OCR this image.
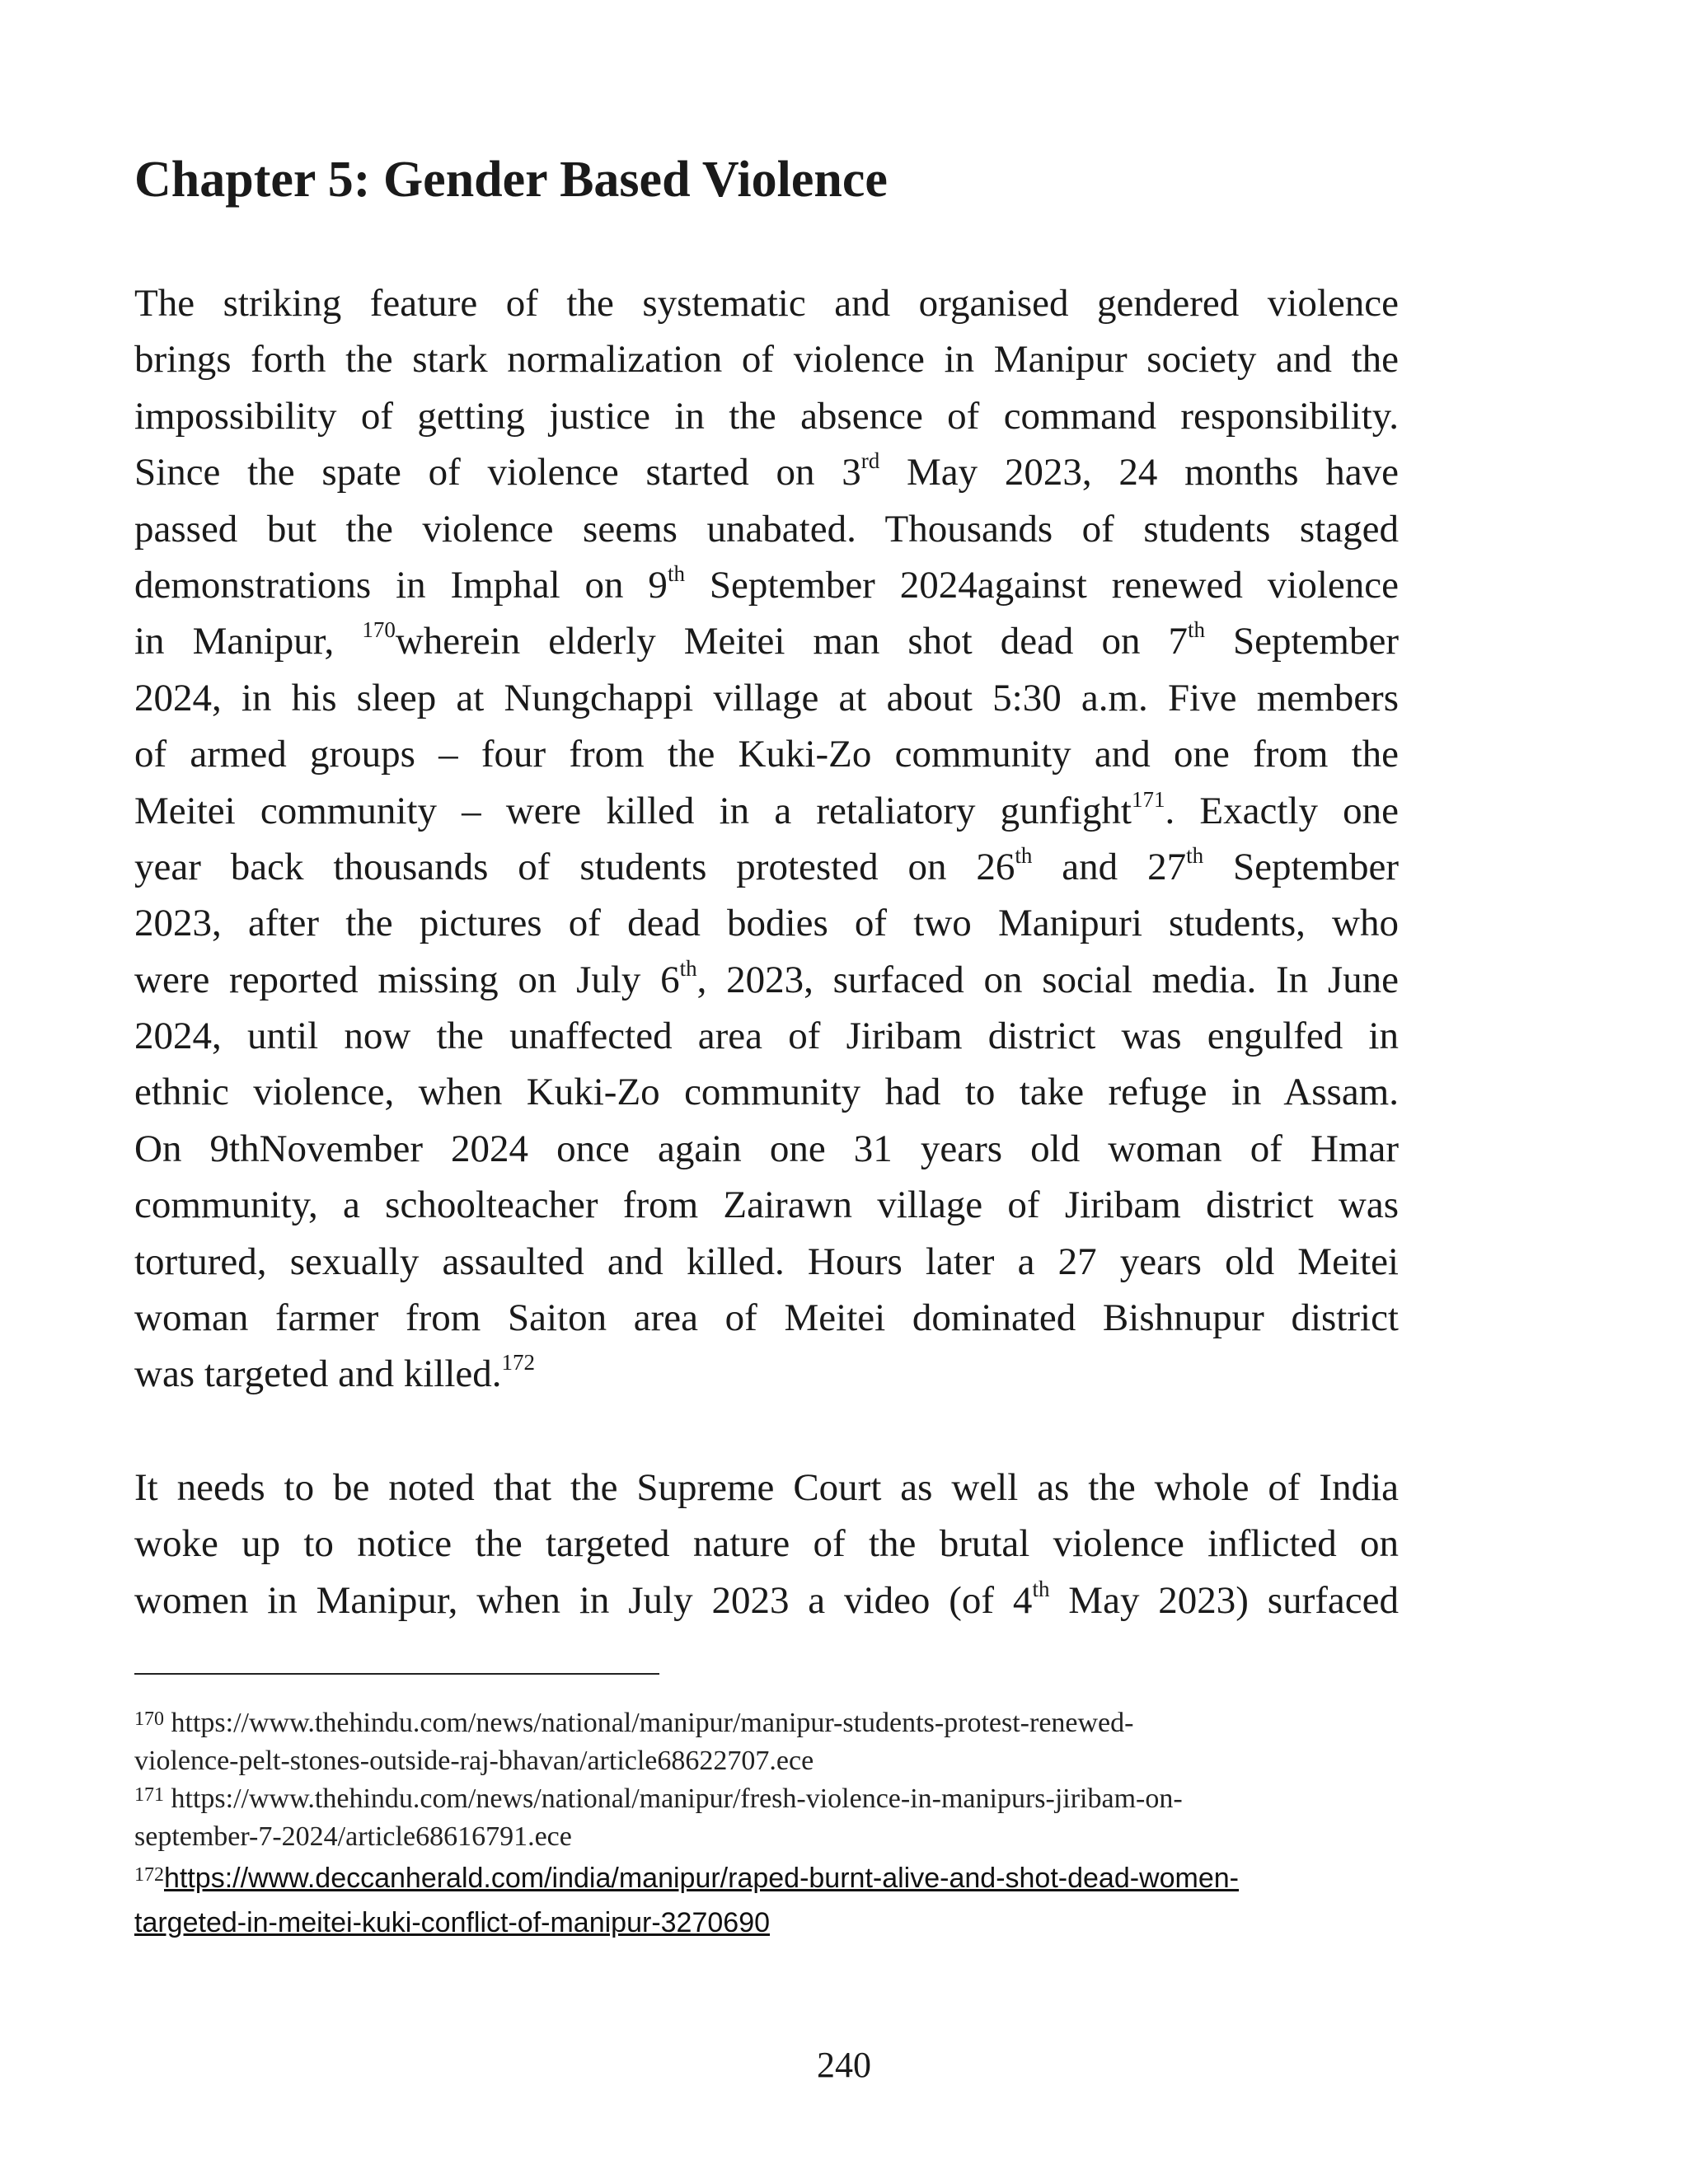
Chapter 5: Gender Based Violence
The striking feature of the systematic and organised gendered violence
brings forth the stark normalization of violence in Manipur society and the
impossibility of getting justice in the absence of command responsibility.
Since the spate of violence started on 3rd May 2023, 24 months have
passed but the violence seems unabated. Thousands of students staged
demonstrations in Imphal on 9th September 2024against renewed violence
in Manipur, $^{170}$wherein elderly Meitei man shot dead on 7th September
2024, in his sleep at Nungchappi village at about 5:30 a.m. Five members
of armed groups – four from the Kuki-Zo community and one from the
Meitei community – were killed in a retaliatory gunfight$^{171}$. Exactly one
year back thousands of students protested on 26th and 27th September
2023, after the pictures of dead bodies of two Manipuri students, who
were reported missing on July 6th, 2023, surfaced on social media. In June
2024, until now the unaffected area of Jiribam district was engulfed in
ethnic violence, when Kuki-Zo community had to take refuge in Assam.
On 9thNovember 2024 once again one 31 years old woman of Hmar
community, a schoolteacher from Zairawn village of Jiribam district was
tortured, sexually assaulted and killed. Hours later a 27 years old Meitei
woman farmer from Saiton area of Meitei dominated Bishnupur district
was targeted and killed.$^{172}$
It needs to be noted that the Supreme Court as well as the whole of India
woke up to notice the targeted nature of the brutal violence inflicted on
women in Manipur, when in July 2023 a video (of 4th May 2023) surfaced
$^{170}$ https://www.thehindu.com/news/national/manipur/manipur-students-protest-renewed-
violence-pelt-stones-outside-raj-bhavan/article68622707.ece
$^{171}$ https://www.thehindu.com/news/national/manipur/fresh-violence-in-manipurs-jiribam-on-
september-7-2024/article68616791.ece
$^{172}$https://www.deccanherald.com/india/manipur/raped-burnt-alive-and-shot-dead-women-
targeted-in-meitei-kuki-conflict-of-manipur-3270690
240
